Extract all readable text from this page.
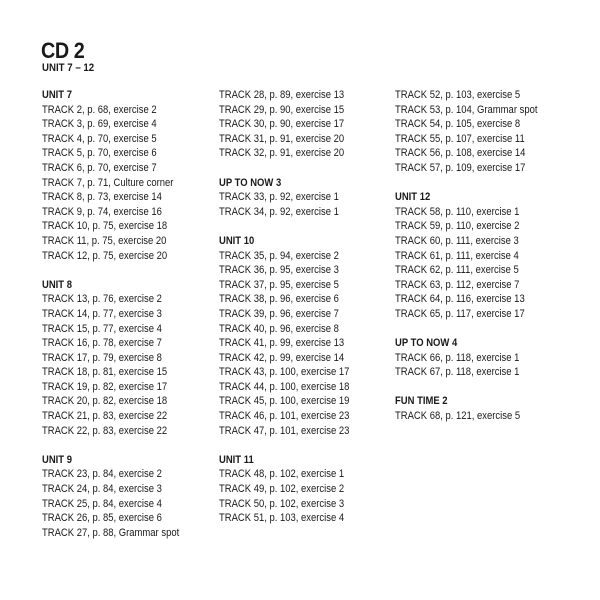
CD 2
UNIT 7 – 12
UNIT 7
TRACK 2, p. 68, exercise 2
TRACK 3, p. 69, exercise 4
TRACK 4, p. 70, exercise 5
TRACK 5, p. 70, exercise 6
TRACK 6, p. 70, exercise 7
TRACK 7, p. 71, Culture corner
TRACK 8, p. 73, exercise 14
TRACK 9, p. 74, exercise 16
TRACK 10, p. 75, exercise 18
TRACK 11, p. 75, exercise 20
TRACK 12, p. 75, exercise 20
UNIT 8
TRACK 13, p. 76, exercise 2
TRACK 14, p. 77, exercise 3
TRACK 15, p. 77, exercise 4
TRACK 16, p. 78, exercise 7
TRACK 17, p. 79, exercise 8
TRACK 18, p. 81, exercise 15
TRACK 19, p. 82, exercise 17
TRACK 20, p. 82, exercise 18
TRACK 21, p. 83, exercise 22
TRACK 22, p. 83, exercise 22
UNIT 9
TRACK 23, p. 84, exercise 2
TRACK 24, p. 84, exercise 3
TRACK 25, p. 84, exercise 4
TRACK 26, p. 85, exercise 6
TRACK 27, p. 88, Grammar spot
TRACK 28, p. 89, exercise 13
TRACK 29, p. 90, exercise 15
TRACK 30, p. 90, exercise 17
TRACK 31, p. 91, exercise 20
TRACK 32, p. 91, exercise 20
UP TO NOW 3
TRACK 33, p. 92, exercise 1
TRACK 34, p. 92, exercise 1
UNIT 10
TRACK 35, p. 94, exercise 2
TRACK 36, p. 95, exercise 3
TRACK 37, p. 95, exercise 5
TRACK 38, p. 96, exercise 6
TRACK 39, p. 96, exercise 7
TRACK 40, p. 96, exercise 8
TRACK 41, p. 99, exercise 13
TRACK 42, p. 99, exercise 14
TRACK 43, p. 100, exercise 17
TRACK 44, p. 100, exercise 18
TRACK 45, p. 100, exercise 19
TRACK 46, p. 101, exercise 23
TRACK 47, p. 101, exercise 23
UNIT 11
TRACK 48, p. 102, exercise 1
TRACK 49, p. 102, exercise 2
TRACK 50, p. 102, exercise 3
TRACK 51, p. 103, exercise 4
TRACK 52, p. 103, exercise 5
TRACK 53, p. 104, Grammar spot
TRACK 54, p. 105, exercise 8
TRACK 55, p. 107, exercise 11
TRACK 56, p. 108, exercise 14
TRACK 57, p. 109, exercise 17
UNIT 12
TRACK 58, p. 110, exercise 1
TRACK 59, p. 110, exercise 2
TRACK 60, p. 111, exercise 3
TRACK 61, p. 111, exercise 4
TRACK 62, p. 111, exercise 5
TRACK 63, p. 112, exercise 7
TRACK 64, p. 116, exercise 13
TRACK 65, p. 117, exercise 17
UP TO NOW 4
TRACK 66, p. 118, exercise 1
TRACK 67, p. 118, exercise 1
FUN TIME 2
TRACK 68, p. 121, exercise 5
